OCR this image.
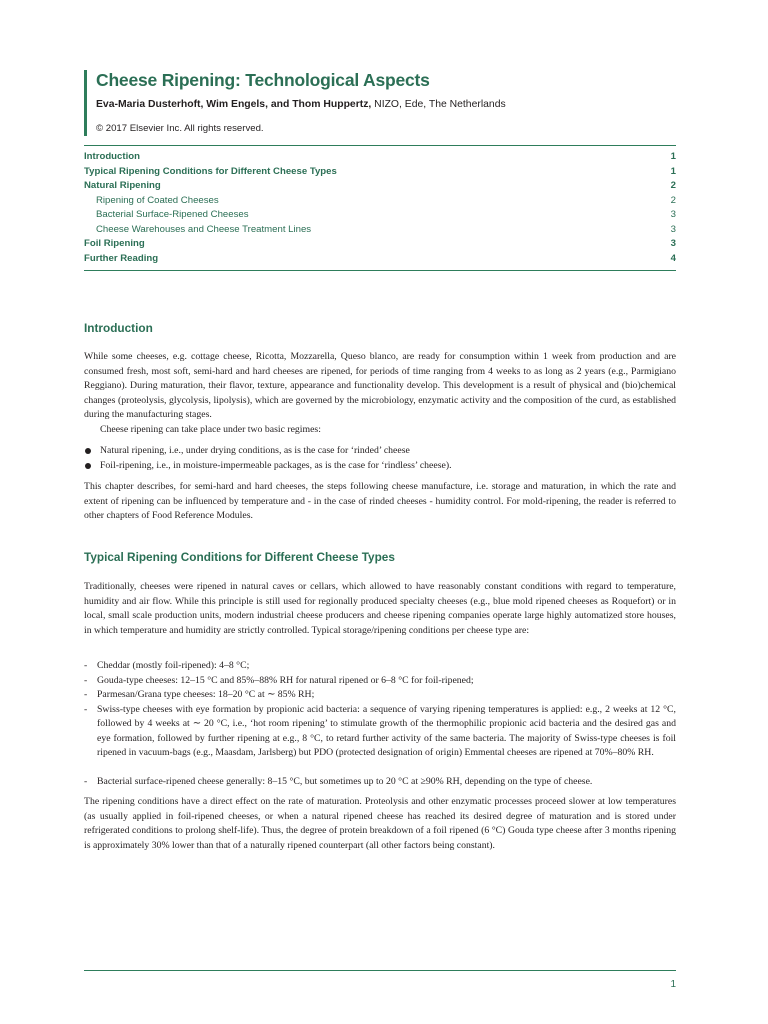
Cheese Ripening: Technological Aspects
Eva-Maria Dusterhoft, Wim Engels, and Thom Huppertz, NIZO, Ede, The Netherlands
© 2017 Elsevier Inc. All rights reserved.
Introduction	1
Typical Ripening Conditions for Different Cheese Types	1
Natural Ripening	2
Ripening of Coated Cheeses	2
Bacterial Surface-Ripened Cheeses	3
Cheese Warehouses and Cheese Treatment Lines	3
Foil Ripening	3
Further Reading	4
Introduction

While some cheeses, e.g. cottage cheese, Ricotta, Mozzarella, Queso blanco, are ready for consumption within 1 week from production and are consumed fresh, most soft, semi-hard and hard cheeses are ripened, for periods of time ranging from 4 weeks to as long as 2 years (e.g., Parmigiano Reggiano). During maturation, their flavor, texture, appearance and functionality develop. This development is a result of physical and (bio)chemical changes (proteolysis, glycolysis, lipolysis), which are governed by the microbiology, enzymatic activity and the composition of the curd, as established during the manufacturing stages.

Cheese ripening can take place under two basic regimes:

Natural ripening, i.e., under drying conditions, as is the case for ‘rinded’ cheese
Foil-ripening, i.e., in moisture-impermeable packages, as is the case for ‘rindless’ cheese).

This chapter describes, for semi-hard and hard cheeses, the steps following cheese manufacture, i.e. storage and maturation, in which the rate and extent of ripening can be influenced by temperature and - in the case of rinded cheeses - humidity control. For mold-ripening, the reader is referred to other chapters of Food Reference Modules.

Typical Ripening Conditions for Different Cheese Types

Traditionally, cheeses were ripened in natural caves or cellars, which allowed to have reasonably constant conditions with regard to temperature, humidity and air flow. While this principle is still used for regionally produced specialty cheeses (e.g., blue mold ripened cheeses as Roquefort) or in local, small scale production units, modern industrial cheese producers and cheese ripening companies operate large highly automatized store houses, in which temperature and humidity are strictly controlled. Typical storage/ripening conditions per cheese type are:

- Cheddar (mostly foil-ripened): 4–8 °C;
- Gouda-type cheeses: 12–15 °C and 85%–88% RH for natural ripened or 6–8 °C for foil-ripened;
- Parmesan/Grana type cheeses: 18–20 °C at ∼ 85% RH;
- Swiss-type cheeses with eye formation by propionic acid bacteria: a sequence of varying ripening temperatures is applied: e.g., 2 weeks at 12 °C, followed by 4 weeks at ∼ 20 °C, i.e., ‘hot room ripening’ to stimulate growth of the thermophilic propionic acid bacteria and the desired gas and eye formation, followed by further ripening at e.g., 8 °C, to retard further activity of the same bacteria. The majority of Swiss-type cheeses is foil ripened in vacuum-bags (e.g., Maasdam, Jarlsberg) but PDO (protected designation of origin) Emmental cheeses are ripened at 70%–80% RH.
- Bacterial surface-ripened cheese generally: 8–15 °C, but sometimes up to 20 °C at ≥90% RH, depending on the type of cheese.

The ripening conditions have a direct effect on the rate of maturation. Proteolysis and other enzymatic processes proceed slower at low temperatures (as usually applied in foil-ripened cheeses, or when a natural ripened cheese has reached its desired degree of maturation and is stored under refrigerated conditions to prolong shelf-life). Thus, the degree of protein breakdown of a foil ripened (6 °C) Gouda type cheese after 3 months ripening is approximately 30% lower than that of a naturally ripened counterpart (all other factors being constant).

1
